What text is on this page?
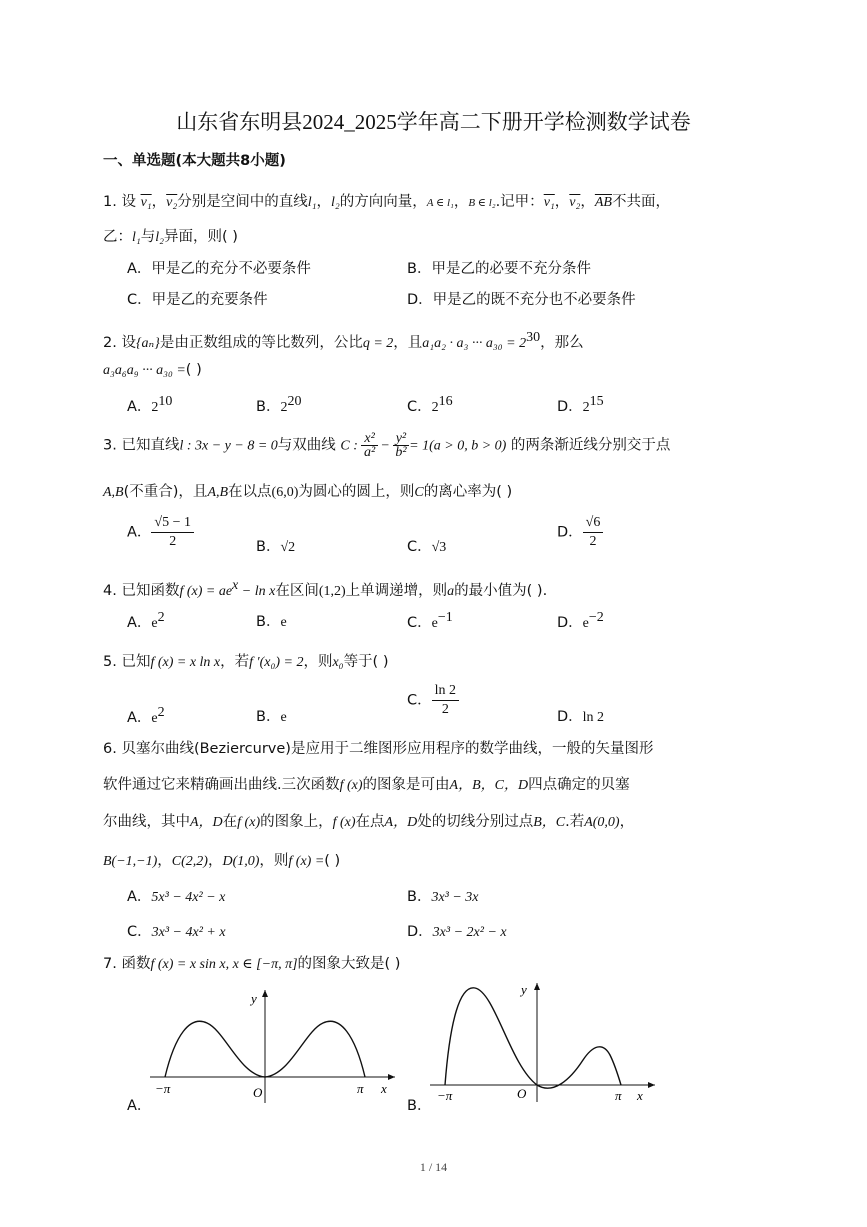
山东省东明县2024_2025学年高二下册开学检测数学试卷
一、单选题(本大题共8小题)
1. 设 v₁，v₂分别是空间中的直线l₁，l₂的方向向量，A ∈ l₁，B ∈ l₂.记甲：v₁，v₂，$\overline{AB}$不共面，
乙：l₁与l₂异面，则( )
A．甲是乙的充分不必要条件	B．甲是乙的必要不充分条件
C．甲是乙的充要条件	D．甲是乙的既不充分也不必要条件
2. 设{aₙ}是由正数组成的等比数列，公比q = 2，且a₁a₂ · a₃ ··· $a_{30} = 2^{30}$，那么
a₃a₆a₉ ··· a₃₀ =( )
A．$2^{10}$	B．$2^{20}$	C．$2^{16}$	D．$2^{15}$
3. 已知直线l : 3x − y − 8 = 0与双曲线 C : $\frac{\text{x²}}{\text{a²}} - \frac{\text{y²}}{\text{b²}} = 1(a > 0$, b > 0) 的两条渐近线分别交于点
A,B(不重合)，且A,B在以点(6,0)为圆心的圆上，则C的离心率为( )
A． $\frac{√5 - 1}{2}$	B．√2	C．√3
D． $\frac{√6}{2}$
4. 已知函数f $(x) = ae^x - \ln x$在区间(1,2)上单调递增，则a的最小值为( ).
A．$e^2$	B．e	C．$e^{-1}$	D．$e^{-2}$
5. 已知f (x) = x ln x，若f ′(x₀) = 2，则x₀等于( )
A．$e^2$	B．e
C． $\frac{\ln 2}{2}$	D．ln 2
6. 贝塞尔曲线(Beziercurve)是应用于二维图形应用程序的数学曲线，一般的矢量图形
软件通过它来精确画出曲线.三次函数f (x)的图象是可由A，B，C，D四点确定的贝塞
尔曲线，其中A，D在f (x)的图象上，f (x)在点A，D处的切线分别过点B，C.若A(0,0)，
B(−1,−1)，C(2,2)，D(1,0)，则f (x) =( )
A．5x³ − 4x² − x	B．3x³ − 3x
C．3x³ − 4x² + x	D．3x³ − 2x² − x
7. 函数f (x) = x sin x, x ∈ [−π, π]的图象大致是( )
A．
O
−π	π x
y
B．
O
−π	π x
y
1 / 14
